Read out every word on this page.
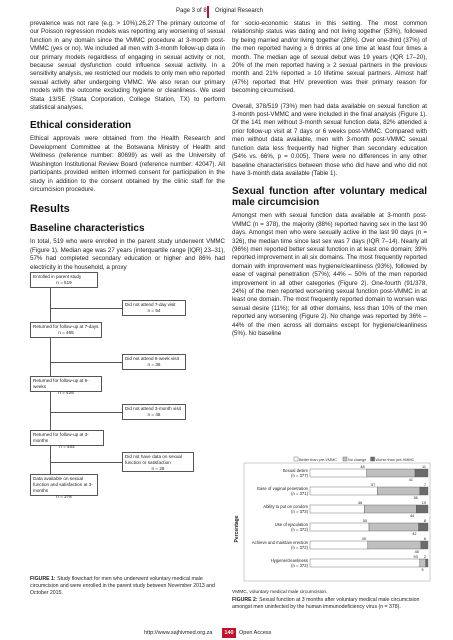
Page 3 of 8 Original Research

prevalence was not rare (e.g. > 10%).26,27 The primary outcome of our Poisson regression models was reporting any worsening of sexual function in any domain since the VMMC procedure at 3-month post-VMMC (yes or no). We included all men with 3-month follow-up data in our primary models regardless of engaging in sexual activity or not, because sexual dysfunction could influence sexual activity. In a sensitivity analysis, we restricted our models to only men who reported sexual activity after undergoing VMMC. We also reran our primary models with the outcome excluding hygiene or cleanliness. We used Stata 13/SE (Stata Corporation, College Station, TX) to perform statistical analyses.

Ethical consideration

Ethical approvals were obtained from the Health Research and Development Committee at the Botswana Ministry of Health and Wellness (reference number: 80699) as well as the University of Washington Institutional Review Board (reference number: 42047). All participants provided written informed consent for participation in the study in addition to the consent obtained by the clinic staff for the circumcision procedure.

Results
Baseline characteristics

In total, 519 who were enrolled in the parent study underwent VMMC (Figure 1). Median age was 27 years (interquartile range [IQR] 23–31), 57% had completed secondary education or higher and 86% had electricity in the household, a proxy

for socio-economic status in this setting. The most common relationship status was dating and not living together (53%), followed by being married and/or living together (28%). Over one-third (37%) of the men reported having ≥ 6 drinks at one time at least four times a month. The median age of sexual debut was 19 years (IQR 17–20), 20% of the men reported having ≥ 2 sexual partners in the previous month and 21% reported ≥ 10 lifetime sexual partners. Almost half (47%) reported that HIV prevention was their primary reason for becoming circumcised.

Overall, 378/519 (73%) men had data available on sexual function at 3-month post-VMMC and were included in the final analysis (Figure 1). Of the 141 men without 3-month sexual function data, 82% attended a prior follow-up visit at 7 days or 6 weeks post-VMMC. Compared with men without data available, men with 3-month post-VMMC sexual function data less frequently had higher than secondary education (54% vs. 66%, p = 0.005). There were no differences in any other baseline characteristics between those who did have and who did not have 3-month data available (Table 1).

Sexual function after voluntary medical male circumcision

Amongst men with sexual function data available at 3-month post-VMMC (n = 378), the majority (88%) reported having sex in the last 90 days. Amongst men who were sexually active in the last 90 days (n = 326), the median time since last sex was 7 days (IQR 7–14). Nearly all (96%) men reported better sexual function in at least one domain; 39% reported improvement in all six domains. The most frequently reported domain with improvement was hygiene/cleanliness (93%), followed by ease of vaginal penetration (57%); 44% – 50% of the men reported improvement in all other categories (Figure 2). One-fourth (91/378, 24%) of the men reported worsening sexual function post-VMMC in at least one domain. The most frequently reported domain to worsen was sexual desire (11%); for all other domains, less than 10% of the men reported any worsening (Figure 2). No change was reported by 36% – 44% of the men across all domains except for hygiene/cleanliness (5%). No baseline

Enrolled in parent study
n = 519
Did not attend 7-day visit
n = 54
Returned for follow-up at 7-days
n = 465
Did not attend 6-week visit
n = 36
Returned for follow-up at 6-weeks
n = 429
Did not attend 3-month visit
n = 45
Returned for follow-up at 3-months
n = 404
Did not have data on sexual function or satisfaction
n = 26
Data available on sexual function and satisfaction at 3-months
n = 378
FIGURE 1: Study flowchart for men who underwent voluntary medical male circumcision and were enrolled in the parent study between November 2013 and October 2015.
Better than pre-VMMC	No change Worse than pre-VMMC
Percentage
Sexual desire
(n = 377)
48
41
11
Ease of vaginal penetration
(n = 371)
57
36
7
Ability to put on condom
(n = 373)
46
44
10
Use of ejaculation
(n = 372)
50
42
8
Achieve and maintain erection
(n = 372)
49
45
6
Hygiene/cleanliness
(n = 372)
93
5
2
VMMC, voluntary medical male circumcision.
FIGURE 2: Sexual function at 3 months after voluntary medical male circumcision amongst men uninfected by the human immunodeficiency virus (n = 378).
http://www.sajhivmed.org.za	140 Open Access
